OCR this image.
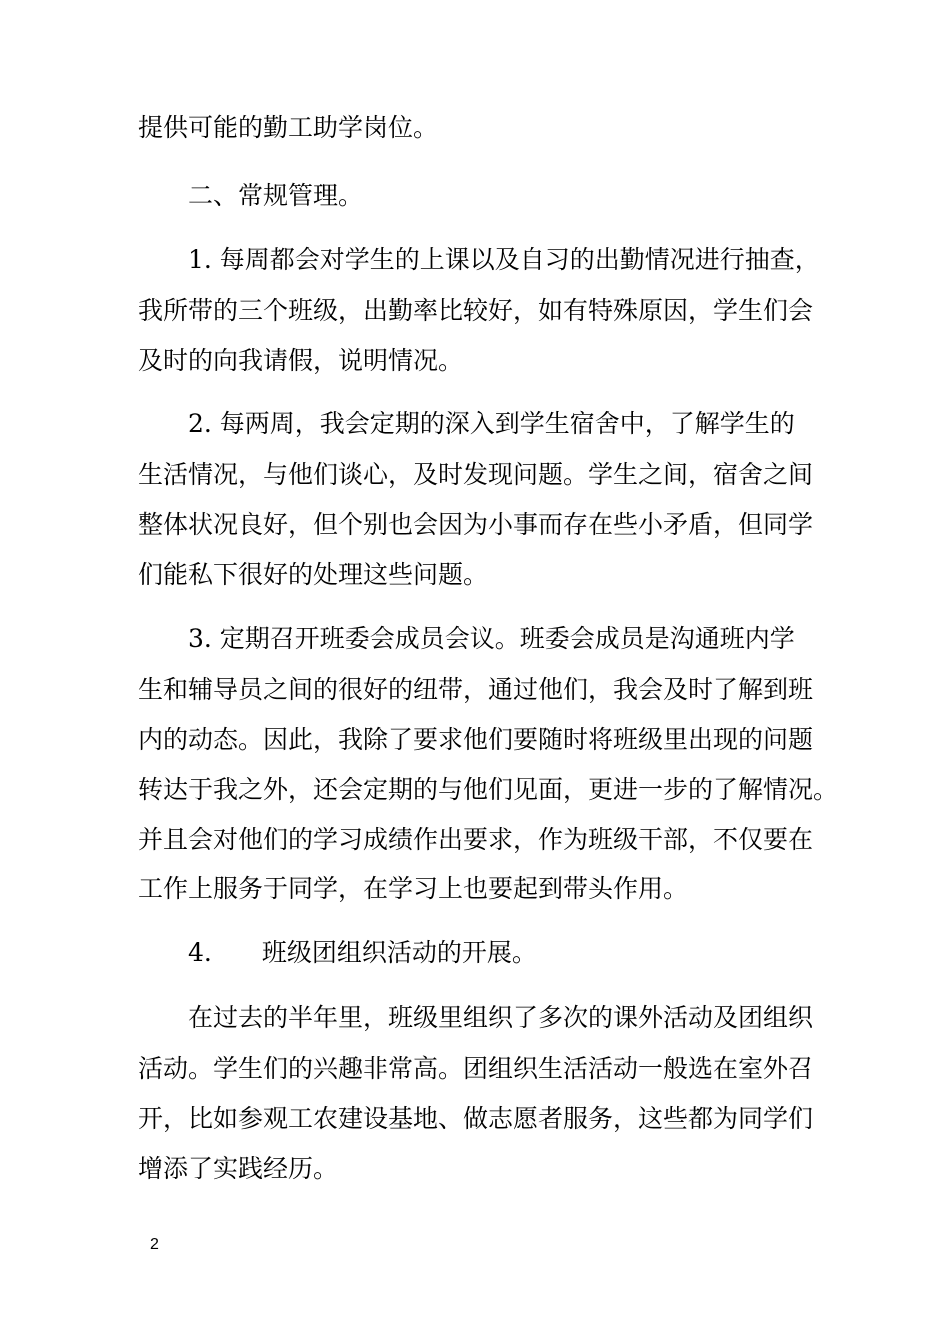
提供可能的勤工助学岗位。

二、常规管理。

1. 每周都会对学生的上课以及自习的出勤情况进行抽查，

我所带的三个班级，出勤率比较好，如有特殊原因，学生们会

及时的向我请假，说明情况。

2. 每两周，我会定期的深入到学生宿舍中，了解学生的

生活情况，与他们谈心，及时发现问题。学生之间，宿舍之间

整体状况良好，但个别也会因为小事而存在些小矛盾，但同学

们能私下很好的处理这些问题。

3. 定期召开班委会成员会议。班委会成员是沟通班内学

生和辅导员之间的很好的纽带，通过他们，我会及时了解到班

内的动态。因此，我除了要求他们要随时将班级里出现的问题

转达于我之外，还会定期的与他们见面，更进一步的了解情况。

并且会对他们的学习成绩作出要求，作为班级干部，不仅要在

工作上服务于同学，在学习上也要起到带头作用。

4.　　班级团组织活动的开展。

在过去的半年里，班级里组织了多次的课外活动及团组织

活动。学生们的兴趣非常高。团组织生活活动一般选在室外召

开，比如参观工农建设基地、做志愿者服务，这些都为同学们

增添了实践经历。

2
